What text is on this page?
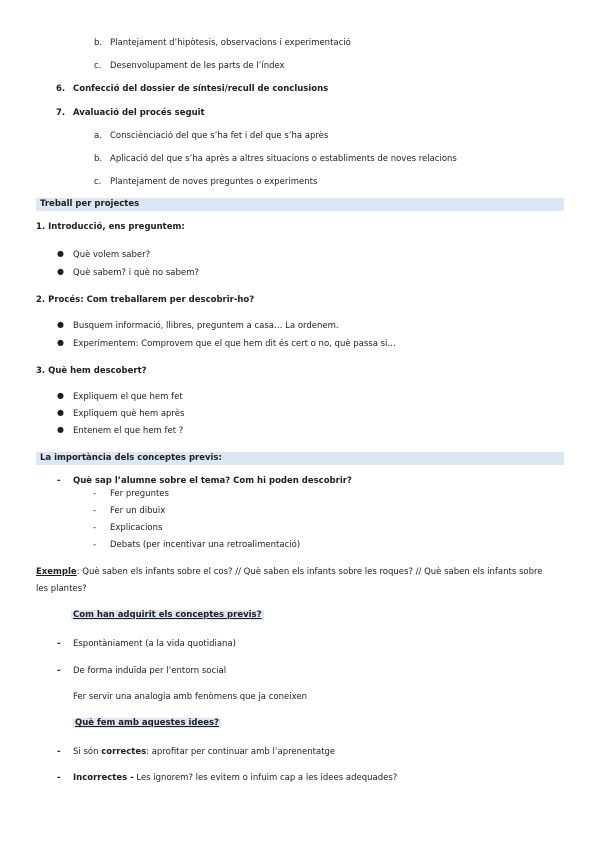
b. Plantejament d’hipòtesis, observacions i experimentació
c. Desenvolupament de les parts de l’índex
6. Confecció del dossier de síntesi/recull de conclusions
7. Avaluació del procés seguit
a. Consciènciació del que s’ha fet i del que s’ha après
b. Aplicació del que s’ha après a altres situacions o establiments de noves relacions
c. Plantejament de noves preguntes o experiments
Treball per projectes
1. Introducció, ens preguntem:
● Què volem saber?
● Què sabem? i què no sabem?
2. Procés: Com treballarem per descobrir-ho?
● Busquem informació, llibres, preguntem a casa… La ordenem.
● Experimentem: Comprovem que el que hem dit és cert o no, què passa si…
3. Què hem descobert?
● Expliquem el que hem fet
● Expliquem què hem après
● Entenem el que hem fet ?
La importància dels conceptes previs:
- Què sap l’alumne sobre el tema? Com hi poden descobrir?
- Fer preguntes
- Fer un dibuix
- Explicacions
- Debats (per incentivar una retroalimentació)
Exemple: Què saben els infants sobre el cos? // Què saben els infants sobre les roques? // Què saben els infants sobre
les plantes?
Com han adquirit els conceptes previs?
- Espontàniament (a la vida quotidiana)
- De forma induïda per l’entorn social
Fer servir una analogia amb fenòmens que ja coneixen
Què fem amb aquestes idees?
- Si són correctes: aprofitar per continuar amb l’aprenentatge
- Incorrectes - Les ignorem? les evitem o infuim cap a les idees adequades?
